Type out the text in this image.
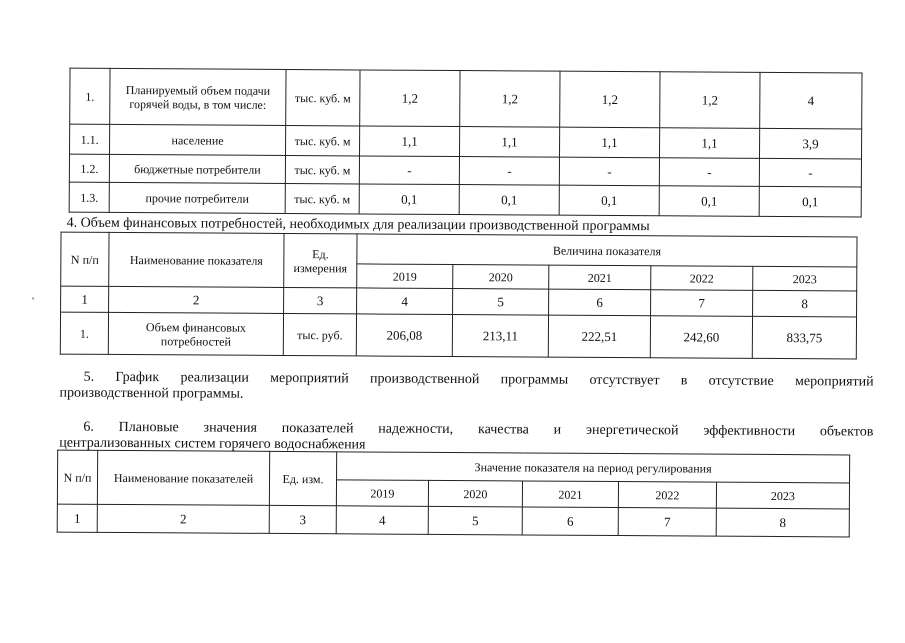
1.	Планируемый объем подачи горячей воды, в том числе:	тыс. куб. м	1,2	1,2	1,2	1,2	4
1.1.	население	тыс. куб. м	1,1	1,1	1,1	1,1	3,9
1.2.	бюджетные потребители	тыс. куб. м	-	-	-	-	-
1.3.	прочие потребители	тыс. куб. м	0,1	0,1	0,1	0,1	0,1
4. Объем финансовых потребностей, необходимых для реализации производственной программы
N п/п	Наименование показателя	Ед. измерения	Величина показателя				
			2019	2020	2021	2022	2023
1	2	3	4	5	6	7	8
1.	Объем финансовых потребностей	тыс. руб.	206,08	213,11	222,51	242,60	833,75
5. График реализации мероприятий производственной программы отсутствует в отсутствие мероприятий
производственной программы.
6. Плановые значения показателей надежности, качества и энергетической эффективности объектов
централизованных систем горячего водоснабжения
N п/п	Наименование показателей	Ед. изм.	Значение показателя на период регулирования				
			2019	2020	2021	2022	2023
1	2	3	4	5	6	7	8
